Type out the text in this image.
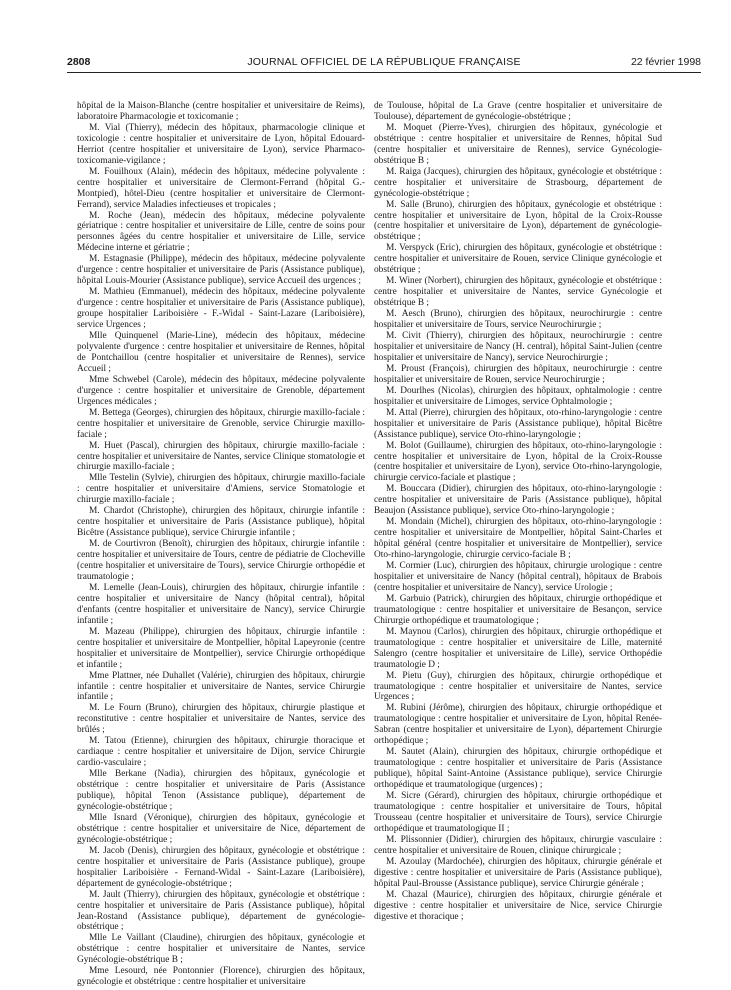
2808	JOURNAL OFFICIEL DE LA RÉPUBLIQUE FRANÇAISE	22 février 1998

hôpital de la Maison-Blanche (centre hospitalier et universitaire de Reims), laboratoire Pharmacologie et toxicomanie ;

M. Vial (Thierry), médecin des hôpitaux, pharmacologie clinique et toxicologie : centre hospitalier et universitaire de Lyon, hôpital Edouard-Herriot (centre hospitalier et universitaire de Lyon), service Pharmaco-toxicomanie-vigilance ;

M. Fouilhoux (Alain), médecin des hôpitaux, médecine polyvalente : centre hospitalier et universitaire de Clermont-Ferrand (hôpital G.-Montpied), hôtel-Dieu (centre hospitalier et universitaire de Clermont-Ferrand), service Maladies infectieuses et tropicales ;

M. Roche (Jean), médecin des hôpitaux, médecine polyvalente gériatrique : centre hospitalier et universitaire de Lille, centre de soins pour personnes âgées du centre hospitalier et universitaire de Lille, service Médecine interne et gériatrie ;

M. Estagnasie (Philippe), médecin des hôpitaux, médecine polyvalente d'urgence : centre hospitalier et universitaire de Paris (Assistance publique), hôpital Louis-Mourier (Assistance publique), service Accueil des urgences ;

M. Mathieu (Emmanuel), médecin des hôpitaux, médecine polyvalente d'urgence : centre hospitalier et universitaire de Paris (Assistance publique), groupe hospitalier Lariboisière - F.-Widal - Saint-Lazare (Lariboisière), service Urgences ;

Mlle Quinquenel (Marie-Line), médecin des hôpitaux, médecine polyvalente d'urgence : centre hospitalier et universitaire de Rennes, hôpital de Pontchaillou (centre hospitalier et universitaire de Rennes), service Accueil ;

Mme Schwebel (Carole), médecin des hôpitaux, médecine polyvalente d'urgence : centre hospitalier et universitaire de Grenoble, département Urgences médicales ;

M. Bettega (Georges), chirurgien des hôpitaux, chirurgie maxillo-faciale : centre hospitalier et universitaire de Grenoble, service Chirurgie maxillo-faciale ;

M. Huet (Pascal), chirurgien des hôpitaux, chirurgie maxillo-faciale : centre hospitalier et universitaire de Nantes, service Clinique stomatologie et chirurgie maxillo-faciale ;

Mlle Testelin (Sylvie), chirurgien des hôpitaux, chirurgie maxillo-faciale : centre hospitalier et universitaire d'Amiens, service Stomatologie et chirurgie maxillo-faciale ;

M. Chardot (Christophe), chirurgien des hôpitaux, chirurgie infantile : centre hospitalier et universitaire de Paris (Assistance publique), hôpital Bicêtre (Assistance publique), service Chirurgie infantile ;

M. de Courtivron (Benoît), chirurgien des hôpitaux, chirurgie infantile : centre hospitalier et universitaire de Tours, centre de pédiatrie de Clocheville (centre hospitalier et universitaire de Tours), service Chirurgie orthopédie et traumatologie ;

M. Lemelle (Jean-Louis), chirurgien des hôpitaux, chirurgie infantile : centre hospitalier et universitaire de Nancy (hôpital central), hôpital d'enfants (centre hospitalier et universitaire de Nancy), service Chirurgie infantile ;

M. Mazeau (Philippe), chirurgien des hôpitaux, chirurgie infantile : centre hospitalier et universitaire de Montpellier, hôpital Lapeyronie (centre hospitalier et universitaire de Montpellier), service Chirurgie orthopédique et infantile ;

Mme Plattner, née Duhallet (Valérie), chirurgien des hôpitaux, chirurgie infantile : centre hospitalier et universitaire de Nantes, service Chirurgie infantile ;

M. Le Fourn (Bruno), chirurgien des hôpitaux, chirurgie plastique et reconstitutive : centre hospitalier et universitaire de Nantes, service des brûlés ;

M. Tatou (Etienne), chirurgien des hôpitaux, chirurgie thoracique et cardiaque : centre hospitalier et universitaire de Dijon, service Chirurgie cardio-vasculaire ;

Mlle Berkane (Nadia), chirurgien des hôpitaux, gynécologie et obstétrique : centre hospitalier et universitaire de Paris (Assistance publique), hôpital Tenon (Assistance publique), département de gynécologie-obstétrique ;

Mlle Isnard (Véronique), chirurgien des hôpitaux, gynécologie et obstétrique : centre hospitalier et universitaire de Nice, département de gynécologie-obstétrique ;

M. Jacob (Denis), chirurgien des hôpitaux, gynécologie et obstétrique : centre hospitalier et universitaire de Paris (Assistance publique), groupe hospitalier Lariboisière - Fernand-Widal - Saint-Lazare (Lariboisière), département de gynécologie-obstétrique ;

M. Jault (Thierry), chirurgien des hôpitaux, gynécologie et obstétrique : centre hospitalier et universitaire de Paris (Assistance publique), hôpital Jean-Rostand (Assistance publique), département de gynécologie-obstétrique ;

Mlle Le Vaillant (Claudine), chirurgien des hôpitaux, gynécologie et obstétrique : centre hospitalier et universitaire de Nantes, service Gynécologie-obstétrique B ;

Mme Lesourd, née Pontonnier (Florence), chirurgien des hôpitaux, gynécologie et obstétrique : centre hospitalier et universitaire

de Toulouse, hôpital de La Grave (centre hospitalier et universitaire de Toulouse), département de gynécologie-obstétrique ;

M. Moquet (Pierre-Yves), chirurgien des hôpitaux, gynécologie et obstétrique : centre hospitalier et universitaire de Rennes, hôpital Sud (centre hospitalier et universitaire de Rennes), service Gynécologie-obstétrique B ;

M. Raiga (Jacques), chirurgien des hôpitaux, gynécologie et obstétrique : centre hospitalier et universitaire de Strasbourg, département de gynécologie-obstétrique ;

M. Salle (Bruno), chirurgien des hôpitaux, gynécologie et obstétrique : centre hospitalier et universitaire de Lyon, hôpital de la Croix-Rousse (centre hospitalier et universitaire de Lyon), département de gynécologie-obstétrique ;

M. Verspyck (Eric), chirurgien des hôpitaux, gynécologie et obstétrique : centre hospitalier et universitaire de Rouen, service Clinique gynécologie et obstétrique ;

M. Winer (Norbert), chirurgien des hôpitaux, gynécologie et obstétrique : centre hospitalier et universitaire de Nantes, service Gynécologie et obstétrique B ;

M. Aesch (Bruno), chirurgien des hôpitaux, neurochirurgie : centre hospitalier et universitaire de Tours, service Neurochirurgie ;

M. Civit (Thierry), chirurgien des hôpitaux, neurochirurgie : centre hospitalier et universitaire de Nancy (H. central), hôpital Saint-Julien (centre hospitalier et universitaire de Nancy), service Neurochirurgie ;

M. Proust (François), chirurgien des hôpitaux, neurochirurgie : centre hospitalier et universitaire de Rouen, service Neurochirurgie ;

M. Dourlhes (Nicolas), chirurgien des hôpitaux, ophtalmologie : centre hospitalier et universitaire de Limoges, service Ophtalmologie ;

M. Attal (Pierre), chirurgien des hôpitaux, oto-rhino-laryngologie : centre hospitalier et universitaire de Paris (Assistance publique), hôpital Bicêtre (Assistance publique), service Oto-rhino-laryngologie ;

M. Bolot (Guillaume), chirurgien des hôpitaux, oto-rhino-laryngologie : centre hospitalier et universitaire de Lyon, hôpital de la Croix-Rousse (centre hospitalier et universitaire de Lyon), service Oto-rhino-laryngologie, chirurgie cervico-faciale et plastique ;

M. Bouccara (Didier), chirurgien des hôpitaux, oto-rhino-laryngologie : centre hospitalier et universitaire de Paris (Assistance publique), hôpital Beaujon (Assistance publique), service Oto-rhino-laryngologie ;

M. Mondain (Michel), chirurgien des hôpitaux, oto-rhino-laryngologie : centre hospitalier et universitaire de Montpellier, hôpital Saint-Charles et hôpital général (centre hospitalier et universitaire de Montpellier), service Oto-rhino-laryngologie, chirurgie cervico-faciale B ;

M. Cormier (Luc), chirurgien des hôpitaux, chirurgie urologique : centre hospitalier et universitaire de Nancy (hôpital central), hôpitaux de Brabois (centre hospitalier et universitaire de Nancy), service Urologie ;

M. Garbuio (Patrick), chirurgien des hôpitaux, chirurgie orthopédique et traumatologique : centre hospitalier et universitaire de Besançon, service Chirurgie orthopédique et traumatologique ;

M. Maynou (Carlos), chirurgien des hôpitaux, chirurgie orthopédique et traumatologique : centre hospitalier et universitaire de Lille, maternité Salengro (centre hospitalier et universitaire de Lille), service Orthopédie traumatologie D ;

M. Pietu (Guy), chirurgien des hôpitaux, chirurgie orthopédique et traumatologique : centre hospitalier et universitaire de Nantes, service Urgences ;

M. Rubini (Jérôme), chirurgien des hôpitaux, chirurgie orthopédique et traumatologique : centre hospitalier et universitaire de Lyon, hôpital Renée-Sabran (centre hospitalier et universitaire de Lyon), département Chirurgie orthopédique ;

M. Sautet (Alain), chirurgien des hôpitaux, chirurgie orthopédique et traumatologique : centre hospitalier et universitaire de Paris (Assistance publique), hôpital Saint-Antoine (Assistance publique), service Chirurgie orthopédique et traumatologique (urgences) ;

M. Sicre (Gérard), chirurgien des hôpitaux, chirurgie orthopédique et traumatologique : centre hospitalier et universitaire de Tours, hôpital Trousseau (centre hospitalier et universitaire de Tours), service Chirurgie orthopédique et traumatologique II ;

M. Plissonnier (Didier), chirurgien des hôpitaux, chirurgie vasculaire : centre hospitalier et universitaire de Rouen, clinique chirurgicale ;

M. Azoulay (Mardochée), chirurgien des hôpitaux, chirurgie générale et digestive : centre hospitalier et universitaire de Paris (Assistance publique), hôpital Paul-Brousse (Assistance publique), service Chirurgie générale ;

M. Chazal (Maurice), chirurgien des hôpitaux, chirurgie générale et digestive : centre hospitalier et universitaire de Nice, service Chirurgie digestive et thoracique ;
